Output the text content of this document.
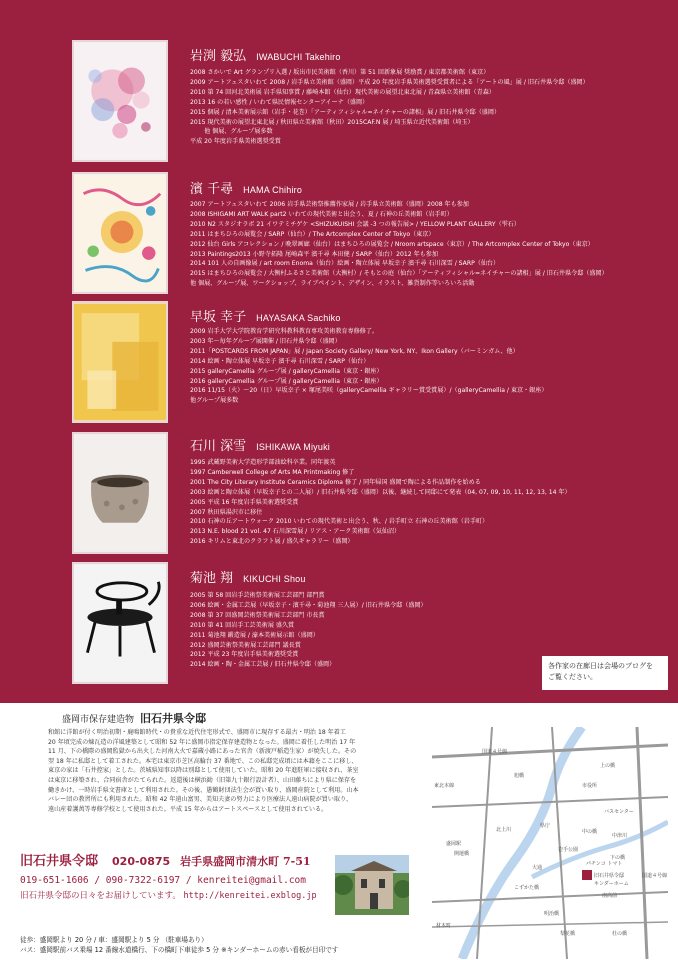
岩渕 毅弘 IWABUCHI Takehiro
2008 さかいで Art グランプリ入選 / 坂出市民美術館（香川）第 51 回新象展 奨励賞 / 東京都美術館（東京）
2009 アートフェスタいわて 2008 / 岩手県立美術館（盛岡）平成 20 年度岩手県美術選奨受賞者による「アートの風」展 / 旧石井県令邸（盛岡）
2010 第 74 回河北美術展 岩手県知事賞 / 藤崎本館（仙台）現代美術の展望北東北展 / 青森県立美術館（青森）
2013 16 の若い感性 / いわて県民情報センターアイーナ（盛岡）
2015 個展 / 清本美術展示館（岩手・花巻）「アーティフィシャル=ネイチャーの諸相」展 / 旧石井県令邸（盛岡）
2015 現代美術の展望北東北展 / 秋田県立美術館（秋田）2015CAF.N 展 / 埼玉県立近代美術館（埼玉）
　　 他 個展、グループ展多数
平成 20 年度岩手県美術選奨受賞
濱 千尋 HAMA Chihiro
2007 アートフェスタいわて 2006 岩手県芸術祭推薦作家展 / 岩手県立美術館（盛岡）2008 年も参加
2008 ISHIGAMI ART WALK part2 いわての現代美術と出会う、夏 / 石神の丘美術館（岩手町）
2010 N2 スタジオラボ 21 イワテミチゲケ <SHIZUKUISHI 会議 -3 つの報告展> / YELLOW PLANT GALLERY（雫石）
2011 はまちひろの展覧会 / SARP（仙台）/ The Artcomplex Center of Tokyo（東京）
2012 仙台 Girls アコレクション / 晩翠画廊（仙台）はまちひろの展覧会 / Nroom artspace（東京）/ The Artcomplex Center of Tokyo（東京）
2013 Paintings2013 小野寺拓隆 尾崎森平 濱千尋 本田健 / SARP（仙台）2012 年も参加
2014 101 人の自画像展 / art room Enoma（仙台）絵画・陶立体展 早坂幸子 濱千尋 石川深雪 / SARP（仙台）
2015 はまちひろの展覧会 / 大衡村ふるさと美術館（大衡村）/ そもとの庭（仙台）「アーティフィシャル=ネイチャーの諸相」展 / 旧石井県令邸（盛岡）
他 個展、グループ展、ワークショップ、ライブペイント、デザイン、イラスト、雑貨制作等いろいろ活動
早坂 幸子 HAYASAKA Sachiko
2009 岩手大学大学院教育学研究科教科教育専攻美術教育専修修了。
2003 年〜毎年グループ展開催 / 旧石井県令邸（盛岡）
2011「POSTCARDS FROM JAPAN」展 / Japan Society Gallery/ New York, NY、Ikon Gallery（バーミンガム、他）
2014 絵画・陶立体展 早坂幸子 濱千尋 石川深雪 / SARP（仙台）
2015 galleryCamellia グループ展 / galleryCamellia（東京・銀座）
2016 galleryCamellia グループ展 / galleryCamellia（東京・銀座）
2016 11/15（火）〜20（日）早坂幸子 × 塚尾美咲（galleryCamellia ギャラリー賞受賞展）/（galleryCamellia / 東京・銀座）
他グループ展多数
石川 深雪 ISHIKAWA Miyuki
1995 武蔵野美術大学造形学部油絵科卒業。同年渡英
1997 Camberwell College of Arts MA Printmaking 修了
2001 The City Literary Institute Ceramics Diploma 修了 / 同年帰国 盛岡で陶による作品制作を始める
2003 絵画と陶立体展（早坂幸子との二人展）/ 旧石井県令邸（盛岡）以後、継続して同邸にて発表（04, 07, 09, 10, 11, 12, 13, 14 年）
2005 平成 16 年度岩手県美術選奨受賞
2007 秋田県湯沢市に移住
2010 石神の丘アートウォーク 2010 いわての現代美術と出会う、秋、/ 岩手町立 石神の丘美術館（岩手町）
2013 N.E. blood 21 vol. 47 石川深雪展 / リアス・アーク美術館（気仙沼）
2016 キリムと東北のクラフト展 / 盛久ギャラリー（盛岡）
菊池 翔 KIKUCHI Shou
2005 第 58 回岩手芸術祭美術展工芸部門 部門賞
2006 絵画・金属工芸展（早坂幸子・濱千尋・菊池翔 三人展）/ 旧石井県令邸（盛岡）
2008 第 37 回盛岡芸術祭美術展工芸部門 市長賞
2010 第 41 回岩手工芸美術展 盛久賞
2011 菊池翔 鍛造展 / 濠本美術展示館（盛岡）
2012 盛岡芸術祭美術展工芸部門 議長賞
2012 平成 23 年度岩手県美術選奨受賞
2014 絵画・陶・金属工芸展 / 旧石井県令邸（盛岡）	各作家の在廊日は会場のブログを
ご覧ください。
盛岡市保存建造物 旧石井県令邸
和館に洋館が付く明治初期・鹿鳴館時代・の貴重な近代住宅形式で、盛岡市に現存する最古・明治 18 年着工
20 年頃完成の煉瓦造の洋風建築として昭和 52 年に盛岡市指定保存建造物となった。盛岡に着任した明治 17 年
11 月、下の橋際の盛岡監獄から出火した河南大火で嘉蔵小路にあった官舎（新渡戸稲造生家）が焼失した。その
翌 18 年に私邸として着工された。本宅は東京市芝区高輪台 37 番地で、この私邸完成頃には本籍をここに移し、
東京の家は「石井控家」とした。茨城県知事以降は別邸として使用していた。昭和 20 年進駐軍に接収され、茶室
は東京に移築され、合同宿舎がたてられた。返還後は横浜勧（旧第九十銀行設計者）、山田藤ちにより県に保存を
働きかけ、一時岩手県文書庫として利用された。その後、愚鶴財団法生会が買い取り、盛岡産院として利用。山本
バレー団の教習所にも利用された。昭和 42 年遠山富男、美知夫妻の努力により医療法人遠山病院が買い取り、
遠山産着護萬等専修学校として使用された。平成 15 年からはアートスペースとして使用されている。
旧石井県令邸 020-0875 岩手県盛岡市清水町 7-51
019-651-1606 / 090-7322-6197 / kenreitei@gmail.com
旧石井県令邸の日々をお届けしています。 http://kenreitei.exblog.jp
徒歩：盛岡駅より 20 分 / 車：盛岡駅より 5 分 （駐車場あり）
バス：盛岡駅前バス乗場 12 番線水道橋行、下の橋町下車徒歩 5 分 ※キンダーホームの赤い看板が目印です
国道４号線
盛岡駅
東北本線
開運橋
旭橋
北上川
中津川
県庁
岩手公園
バスセンター
中の橋
上の橋
下の橋
旧石井県令邸
キンダーホーム
パチンコ トマト
南高前
国道４号線
こずかた橋
明治橋
梨花橋	杜の橋
大通
材木町
市役所
